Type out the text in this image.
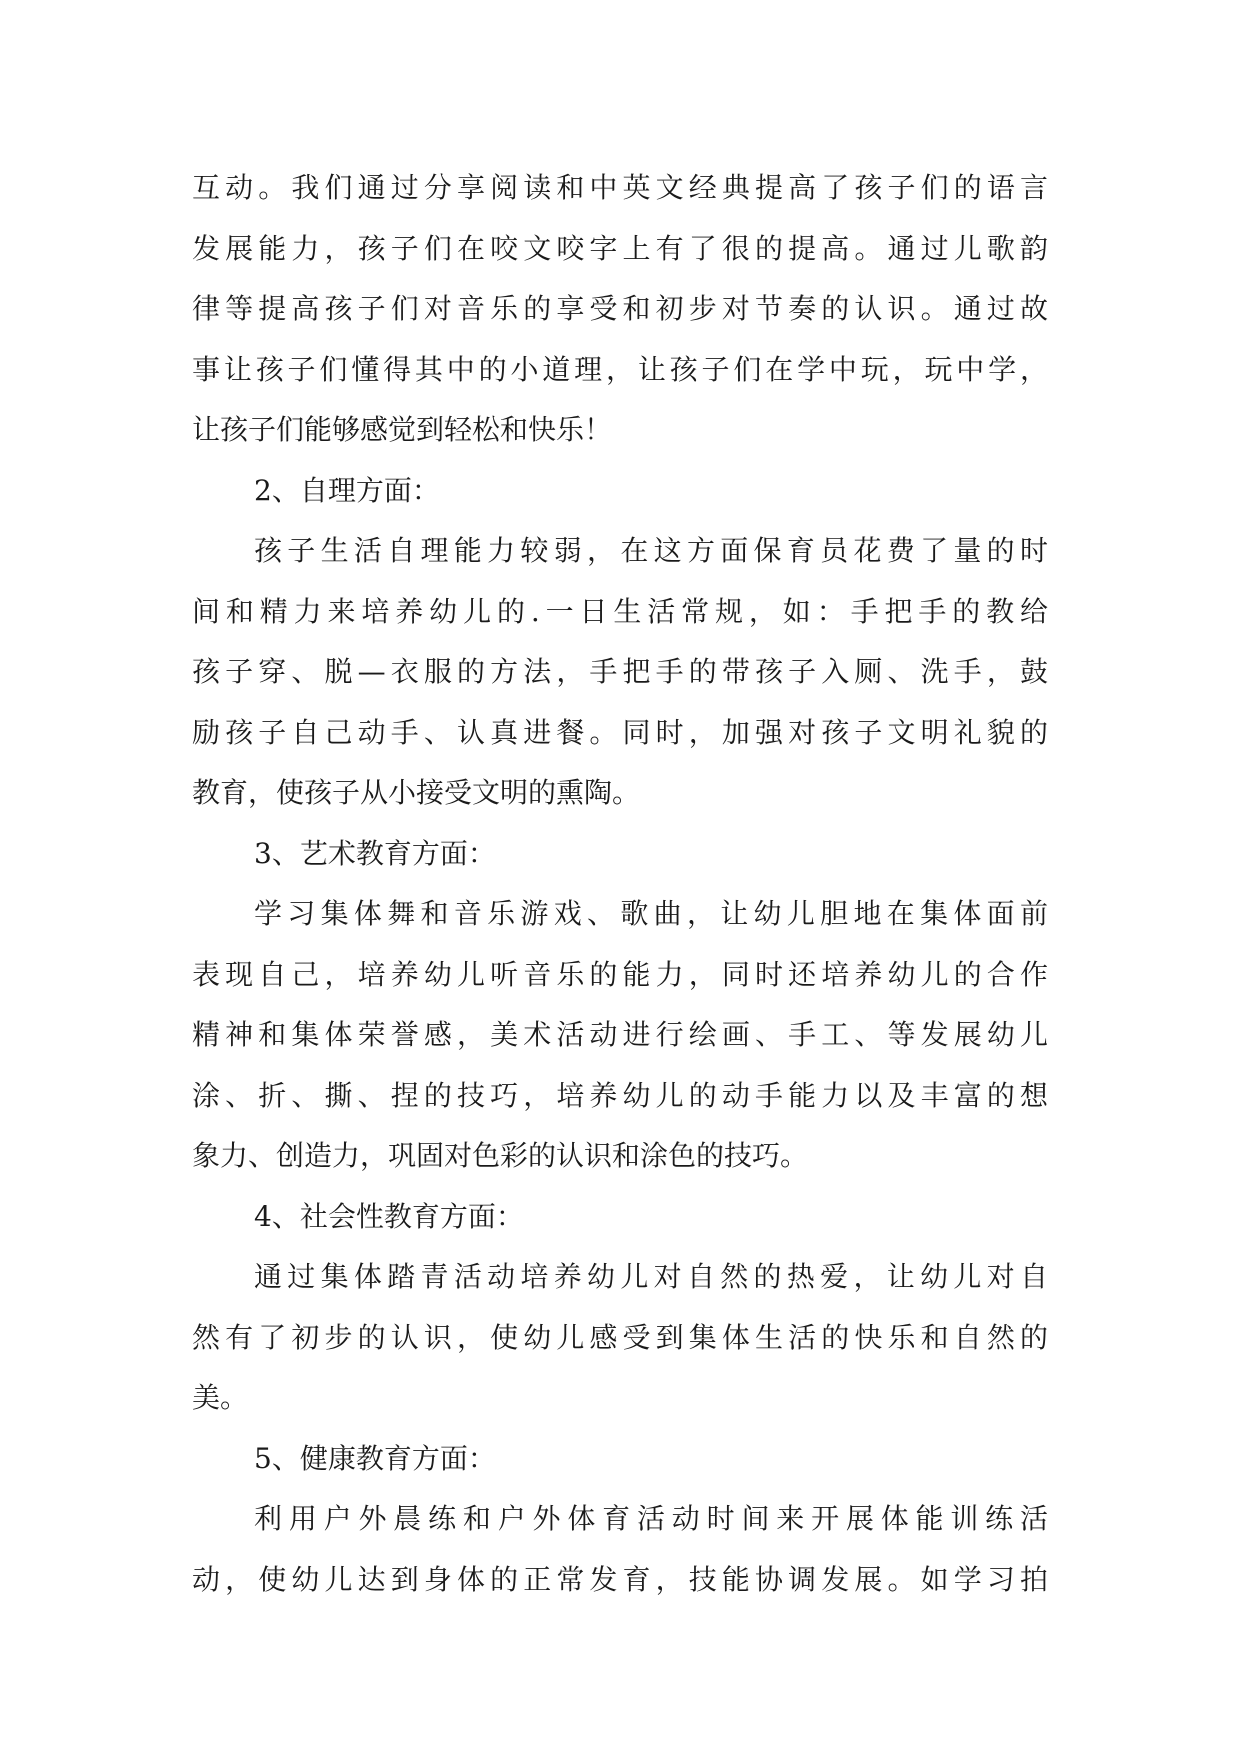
互动。我们通过分享阅读和中英文经典提高了孩子们的语言
发展能力，孩子们在咬文咬字上有了很的提高。通过儿歌韵
律等提高孩子们对音乐的享受和初步对节奏的认识。通过故
事让孩子们懂得其中的小道理，让孩子们在学中玩，玩中学，
让孩子们能够感觉到轻松和快乐！
2、自理方面：
孩子生活自理能力较弱，在这方面保育员花费了量的时
间和精力来培养幼儿的.一日生活常规，如：手把手的教给
孩子穿、脱—衣服的方法，手把手的带孩子入厕、洗手，鼓
励孩子自己动手、认真进餐。同时，加强对孩子文明礼貌的
教育，使孩子从小接受文明的熏陶。
3、艺术教育方面：
学习集体舞和音乐游戏、歌曲，让幼儿胆地在集体面前
表现自己，培养幼儿听音乐的能力，同时还培养幼儿的合作
精神和集体荣誉感，美术活动进行绘画、手工、等发展幼儿
涂、折、撕、捏的技巧，培养幼儿的动手能力以及丰富的想
象力、创造力，巩固对色彩的认识和涂色的技巧。
4、社会性教育方面：
通过集体踏青活动培养幼儿对自然的热爱，让幼儿对自
然有了初步的认识，使幼儿感受到集体生活的快乐和自然的
美。
5、健康教育方面：
利用户外晨练和户外体育活动时间来开展体能训练活
动，使幼儿达到身体的正常发育，技能协调发展。如学习拍
